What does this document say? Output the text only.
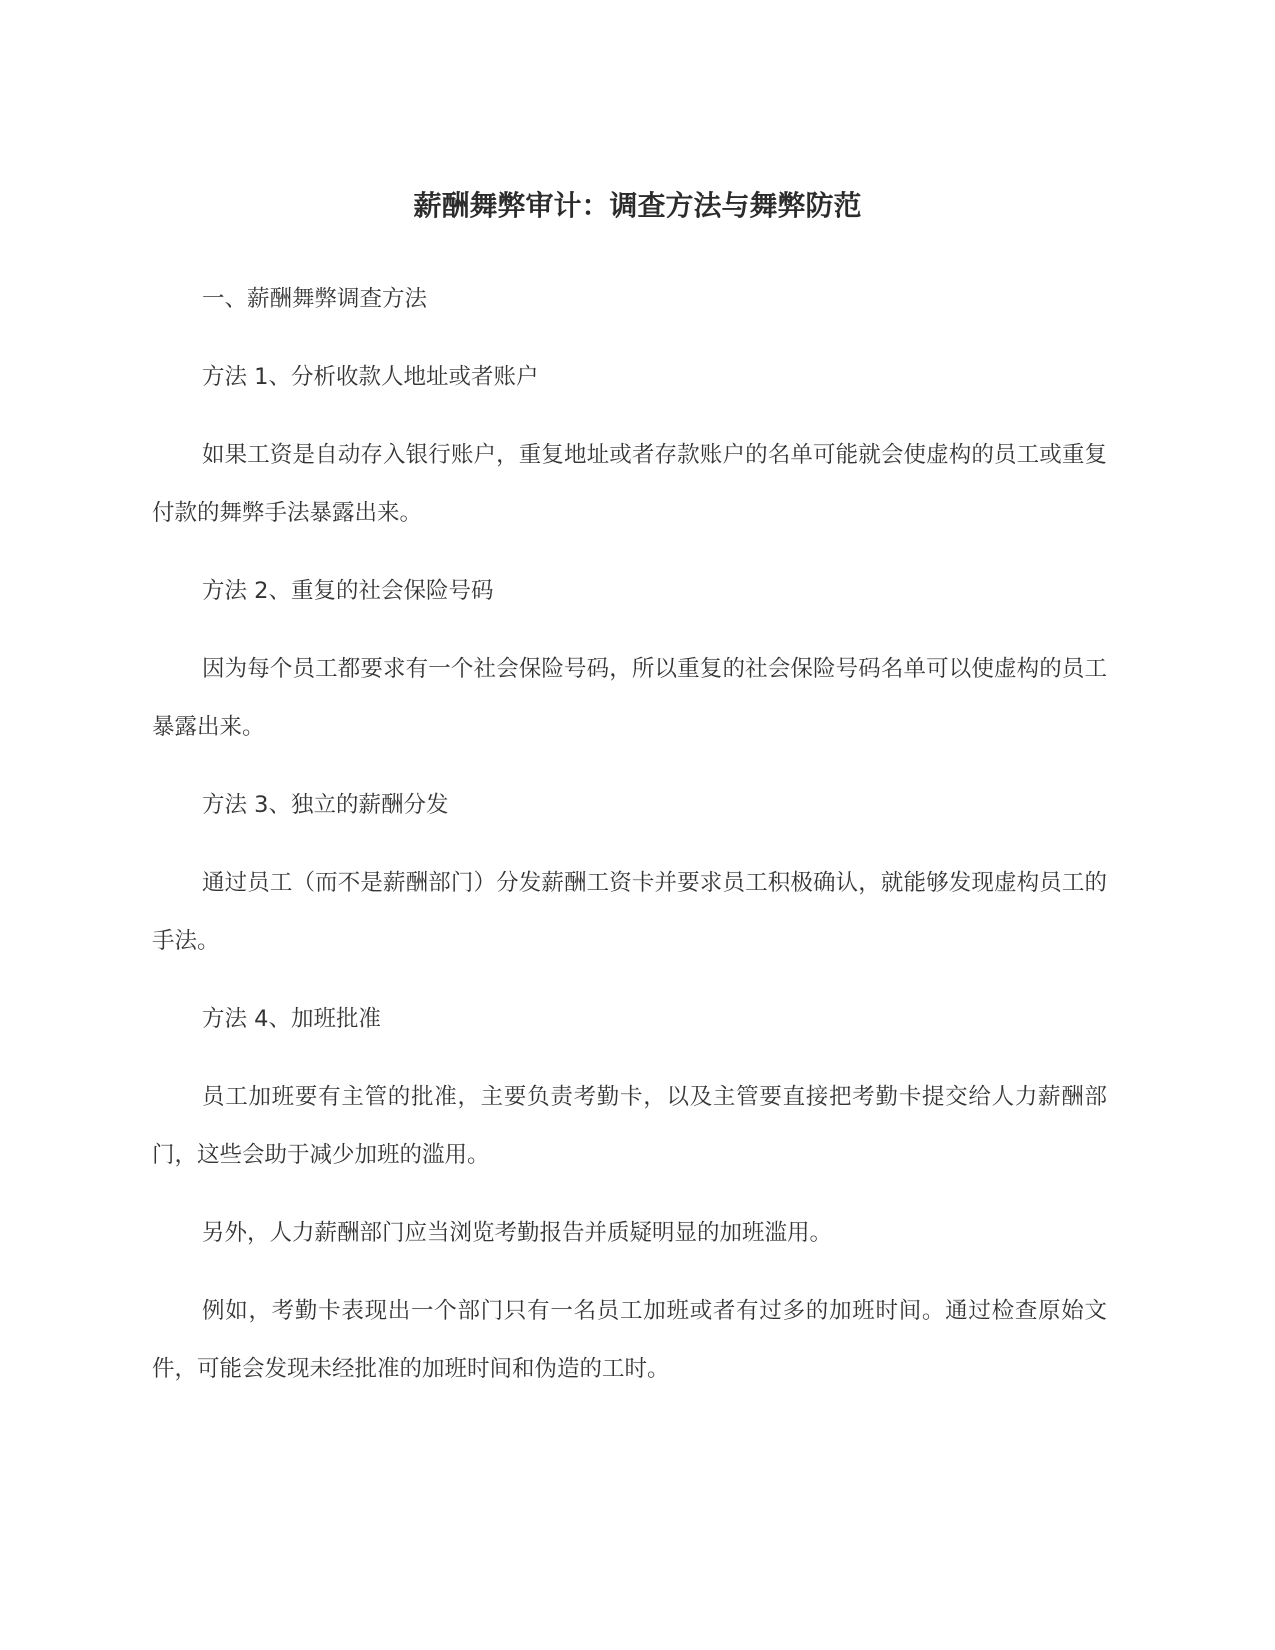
薪酬舞弊审计：调查方法与舞弊防范

一、薪酬舞弊调查方法

方法 1、分析收款人地址或者账户

如果工资是自动存入银行账户，重复地址或者存款账户的名单可能就会使虚构的员工或重复付款的舞弊手法暴露出来。

方法 2、重复的社会保险号码

因为每个员工都要求有一个社会保险号码，所以重复的社会保险号码名单可以使虚构的员工暴露出来。

方法 3、独立的薪酬分发

通过员工（而不是薪酬部门）分发薪酬工资卡并要求员工积极确认，就能够发现虚构员工的手法。

方法 4、加班批准

员工加班要有主管的批准，主要负责考勤卡，以及主管要直接把考勤卡提交给人力薪酬部门，这些会助于减少加班的滥用。

另外，人力薪酬部门应当浏览考勤报告并质疑明显的加班滥用。

例如，考勤卡表现出一个部门只有一名员工加班或者有过多的加班时间。通过检查原始文件，可能会发现未经批准的加班时间和伪造的工时。
